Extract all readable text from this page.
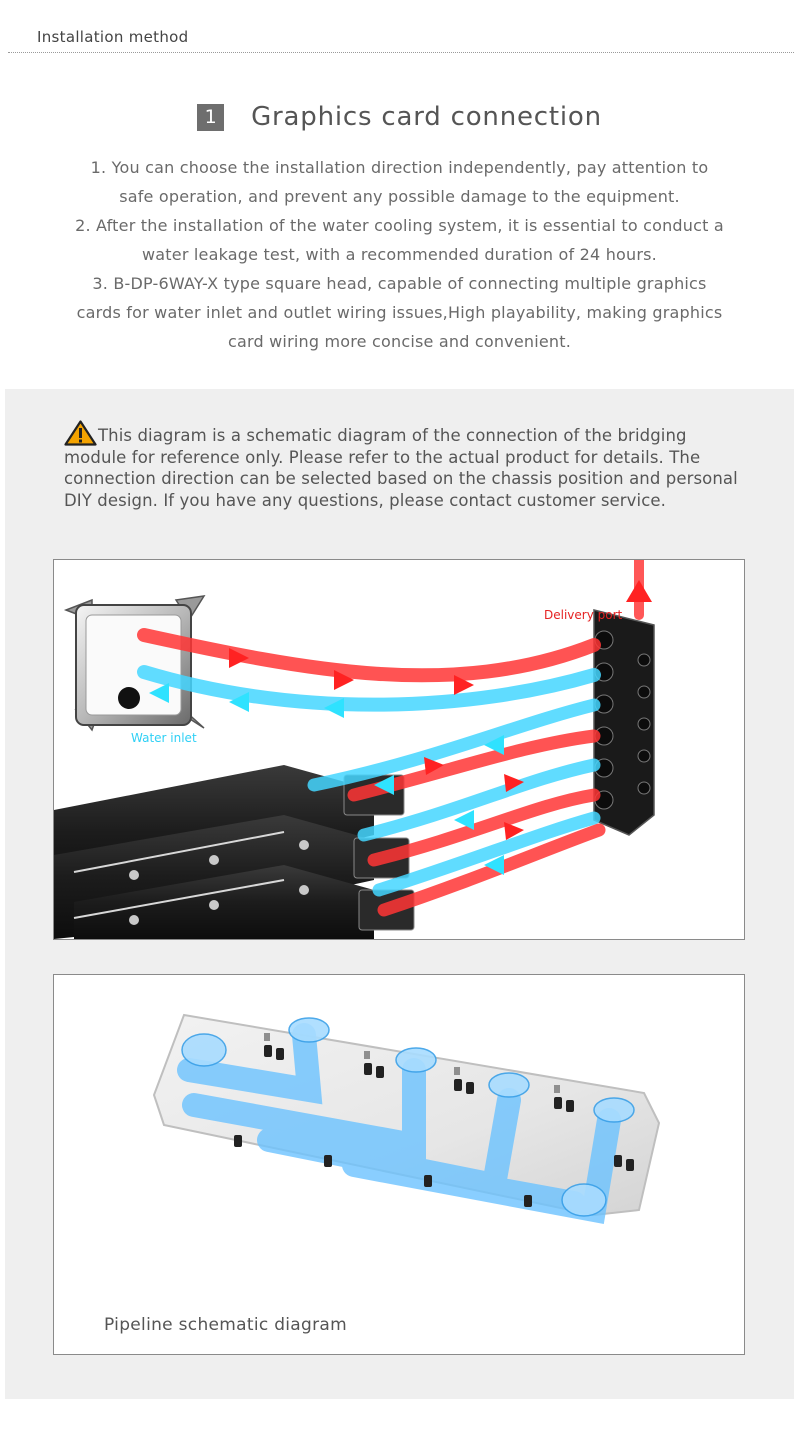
Installation method
1 Graphics card connection

1. You can choose the installation direction independently, pay attention to

safe operation, and prevent any possible damage to the equipment.

2. After the installation of the water cooling system, it is essential to conduct a

water leakage test, with a recommended duration of 24 hours.

3. B-DP-6WAY-X type square head, capable of connecting multiple graphics

cards for water inlet and outlet wiring issues,High playability, making graphics

card wiring more concise and convenient.

This diagram is a schematic diagram of the connection of the bridging module for reference only. Please refer to the actual product for details. The connection direction can be selected based on the chassis position and personal DIY design. If you have any questions, please contact customer service.
Delivery port
Water inlet
Pipeline schematic diagram
